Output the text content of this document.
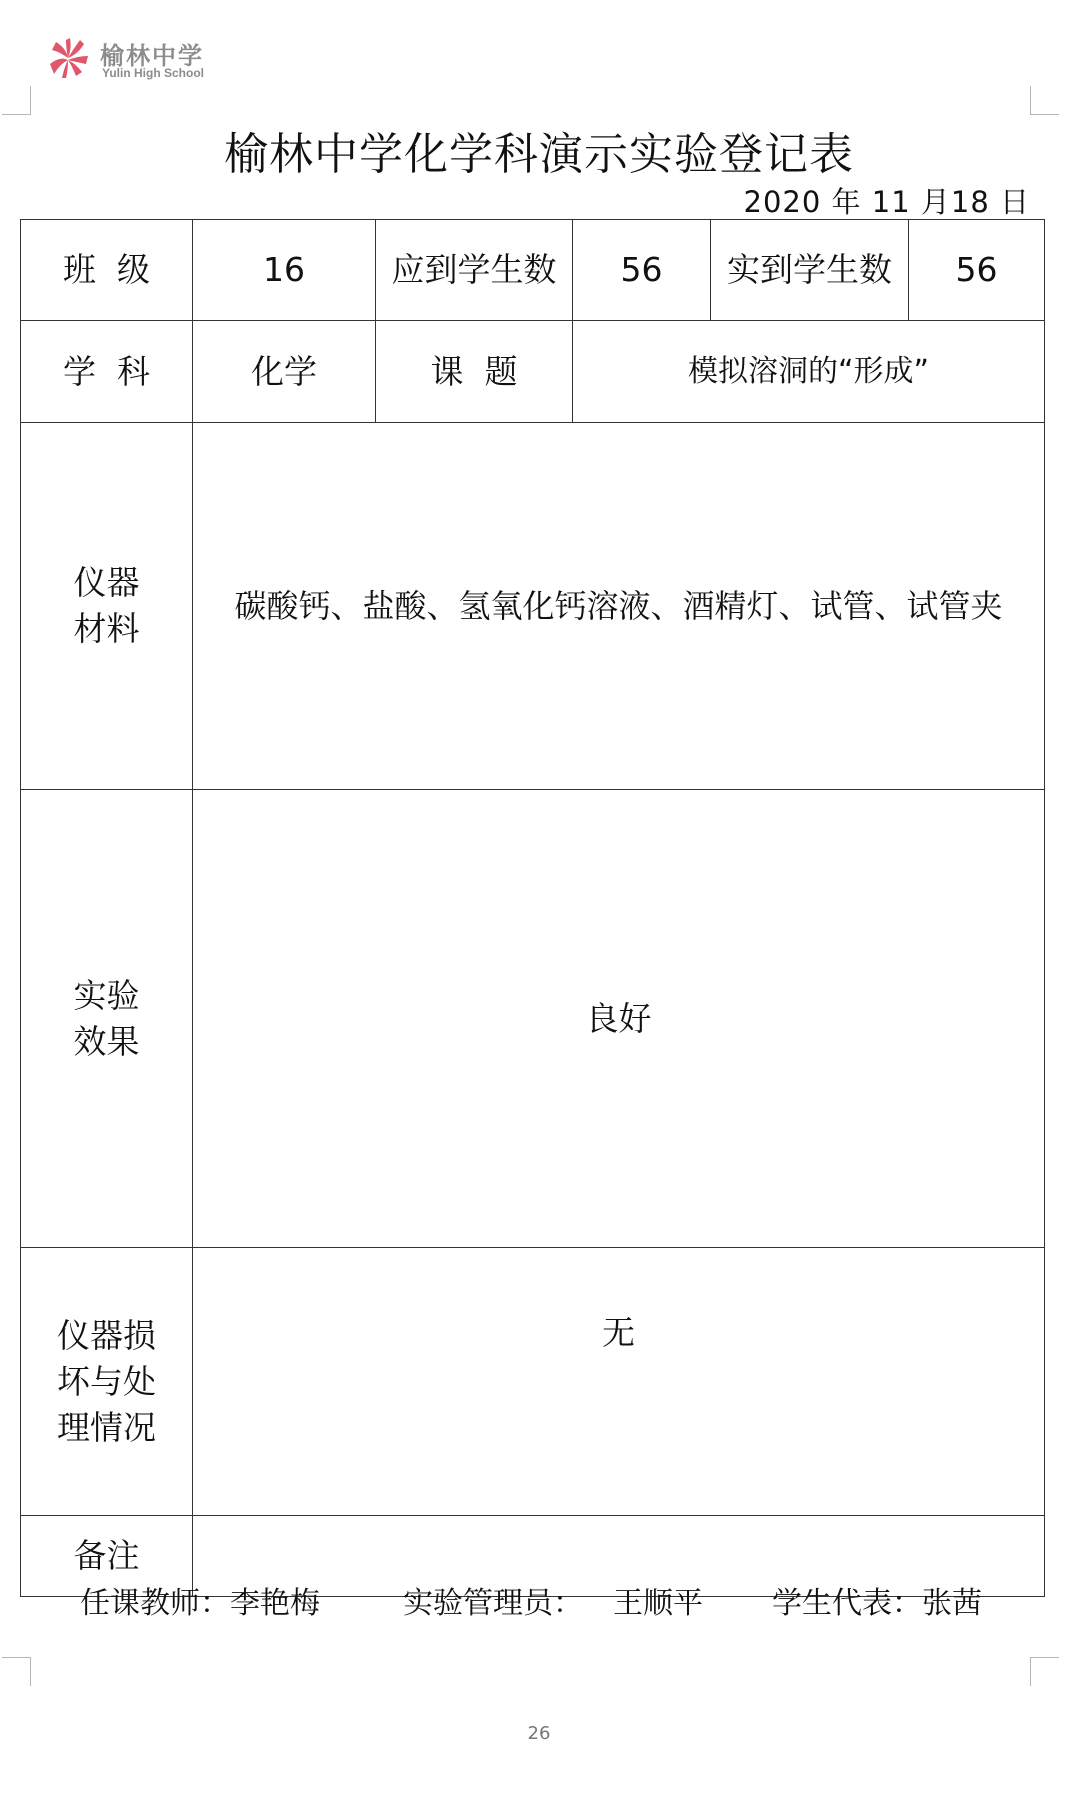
榆林中学
Yulin High School
榆林中学化学科演示实验登记表
2020 年 11 月18 日
班  级	16	应到学生数	56	实到学生数	56
学  科	化学	课  题	模拟溶洞的“形成”		

仪器
材料	碳酸钙、盐酸、氢氧化钙溶液、酒精灯、试管、试管夹				

实验
效果	良好				

仪器损
坏与处
理情况	无				
备注					
任课教师：李艳梅	实验管理员： 王顺平 学生代表：张茜
26
